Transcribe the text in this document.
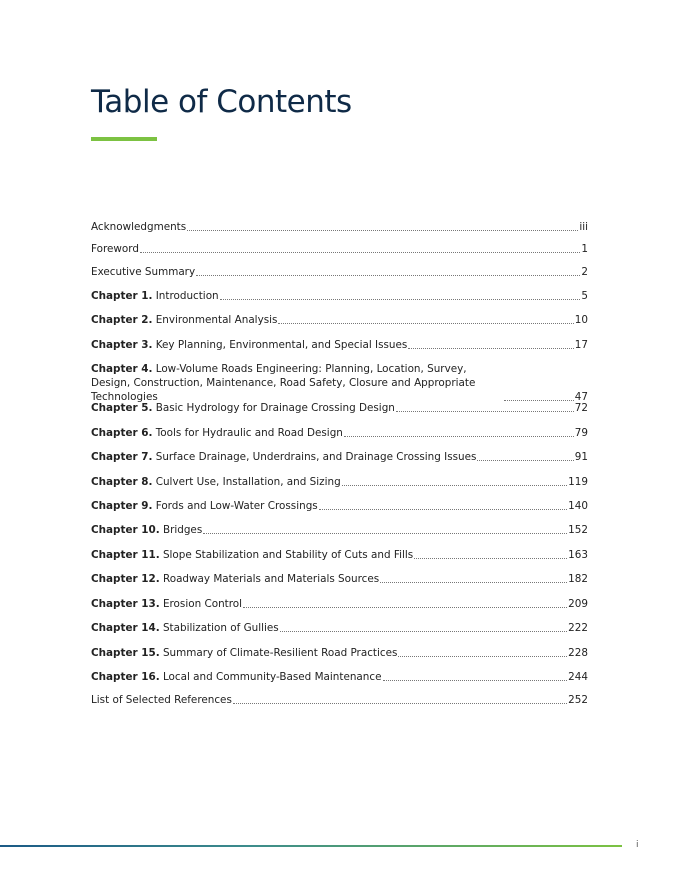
Table of Contents
Acknowledgments	iii
Foreword	1
Executive Summary	2
Chapter 1. Introduction	5
Chapter 2. Environmental Analysis	10
Chapter 3. Key Planning, Environmental, and Special Issues	17
Chapter 4. Low-Volume Roads Engineering: Planning, Location, Survey, Design, Construction, Maintenance, Road Safety, Closure and Appropriate Technologies	47
Chapter 5. Basic Hydrology for Drainage Crossing Design	72
Chapter 6. Tools for Hydraulic and Road Design	79
Chapter 7. Surface Drainage, Underdrains, and Drainage Crossing Issues	91
Chapter 8. Culvert Use, Installation, and Sizing	119
Chapter 9. Fords and Low-Water Crossings	140
Chapter 10. Bridges	152
Chapter 11. Slope Stabilization and Stability of Cuts and Fills	163
Chapter 12. Roadway Materials and Materials Sources	182
Chapter 13. Erosion Control	209
Chapter 14. Stabilization of Gullies	222
Chapter 15. Summary of Climate-Resilient Road Practices	228
Chapter 16. Local and Community-Based Maintenance	244
List of Selected References	252
i
